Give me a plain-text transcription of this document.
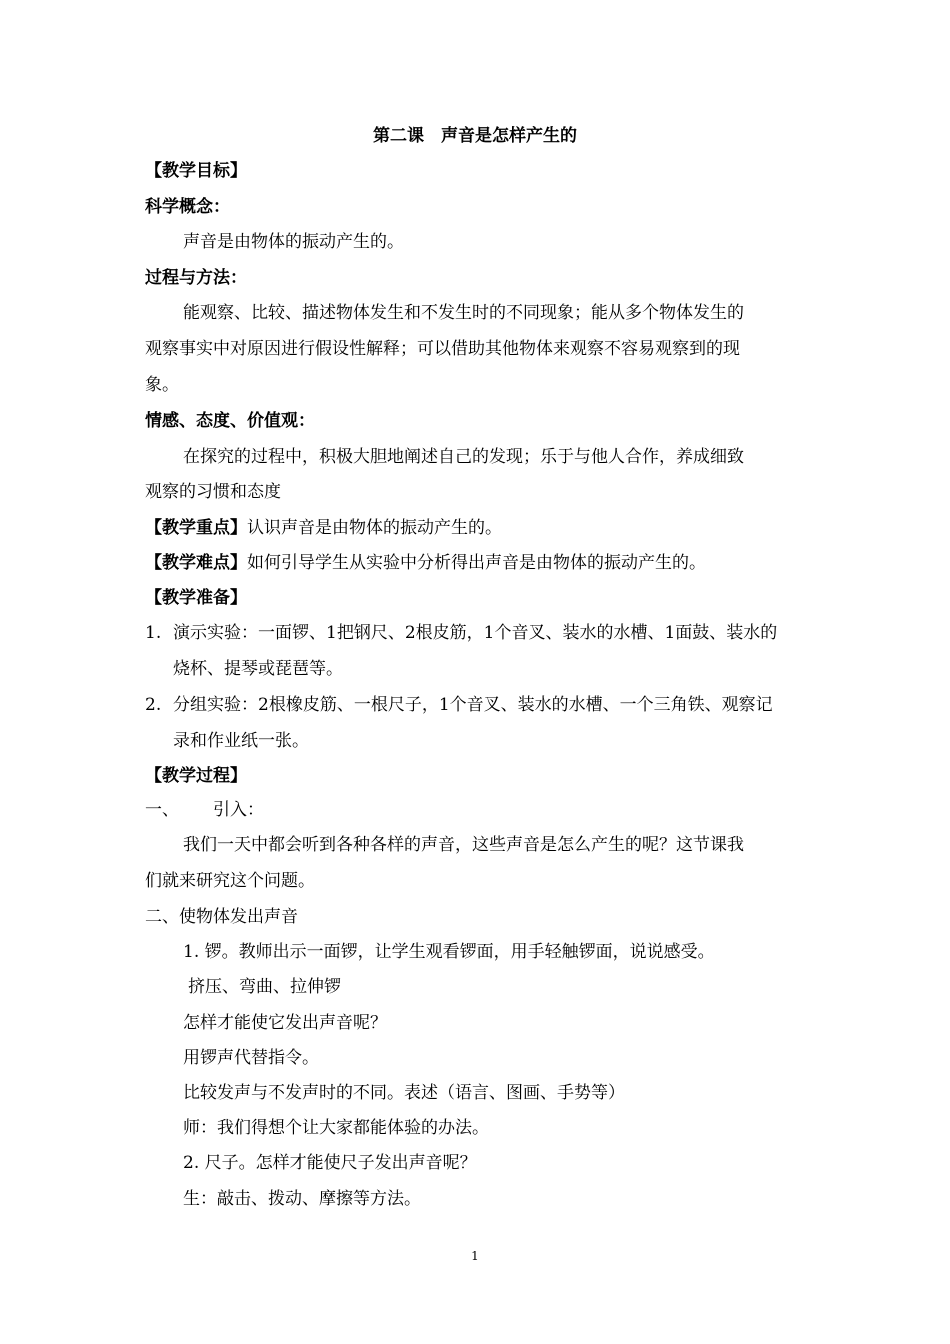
第二课　声音是怎样产生的
【教学目标】
科学概念：
声音是由物体的振动产生的。
过程与方法：
能观察、比较、描述物体发生和不发生时的不同现象；能从多个物体发生的
观察事实中对原因进行假设性解释；可以借助其他物体来观察不容易观察到的现
象。
情感、态度、价值观：
在探究的过程中，积极大胆地阐述自己的发现；乐于与他人合作，养成细致
观察的习惯和态度
【教学重点】认识声音是由物体的振动产生的。
【教学难点】如何引导学生从实验中分析得出声音是由物体的振动产生的。
【教学准备】
1. 演示实验：一面锣、1把钢尺、2根皮筋，1个音叉、装水的水槽、1面鼓、装水的
烧杯、提琴或琵琶等。
2. 分组实验：2根橡皮筋、一根尺子，1个音叉、装水的水槽、一个三角铁、观察记
录和作业纸一张。
【教学过程】
一、 引入：
我们一天中都会听到各种各样的声音，这些声音是怎么产生的呢？这节课我
们就来研究这个问题。
二、使物体发出声音
1. 锣。教师出示一面锣，让学生观看锣面，用手轻触锣面，说说感受。
挤压、弯曲、拉伸锣
怎样才能使它发出声音呢？
用锣声代替指令。
比较发声与不发声时的不同。表述（语言、图画、手势等）
师：我们得想个让大家都能体验的办法。
2. 尺子。怎样才能使尺子发出声音呢？
生：敲击、拨动、摩擦等方法。
1
